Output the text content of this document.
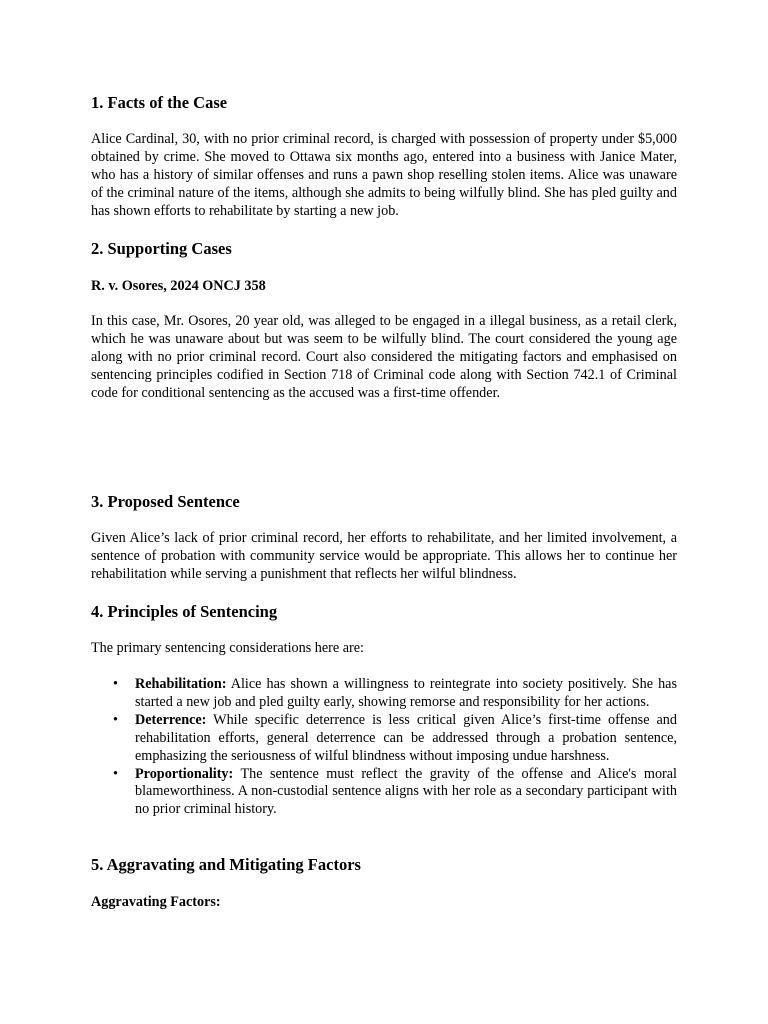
1. Facts of the Case

Alice Cardinal, 30, with no prior criminal record, is charged with possession of property under $5,000 obtained by crime. She moved to Ottawa six months ago, entered into a business with Janice Mater, who has a history of similar offenses and runs a pawn shop reselling stolen items. Alice was unaware of the criminal nature of the items, although she admits to being wilfully blind. She has pled guilty and has shown efforts to rehabilitate by starting a new job.

2. Supporting Cases
R. v. Osores, 2024 ONCJ 358

In this case, Mr. Osores, 20 year old, was alleged to be engaged in a illegal business, as a retail clerk, which he was unaware about but was seem to be wilfully blind. The court considered the young age along with no prior criminal record. Court also considered the mitigating factors and emphasised on sentencing principles codified in Section 718 of Criminal code along with Section 742.1 of Criminal code for conditional sentencing as the accused was a first-time offender.

3. Proposed Sentence

Given Alice’s lack of prior criminal record, her efforts to rehabilitate, and her limited involvement, a sentence of probation with community service would be appropriate. This allows her to continue her rehabilitation while serving a punishment that reflects her wilful blindness.

4. Principles of Sentencing

The primary sentencing considerations here are:

• Rehabilitation: Alice has shown a willingness to reintegrate into society positively. She has started a new job and pled guilty early, showing remorse and responsibility for her actions.
• Deterrence: While specific deterrence is less critical given Alice’s first-time offense and rehabilitation efforts, general deterrence can be addressed through a probation sentence, emphasizing the seriousness of wilful blindness without imposing undue harshness.
• Proportionality: The sentence must reflect the gravity of the offense and Alice's moral blameworthiness. A non-custodial sentence aligns with her role as a secondary participant with no prior criminal history.
5. Aggravating and Mitigating Factors
Aggravating Factors:
